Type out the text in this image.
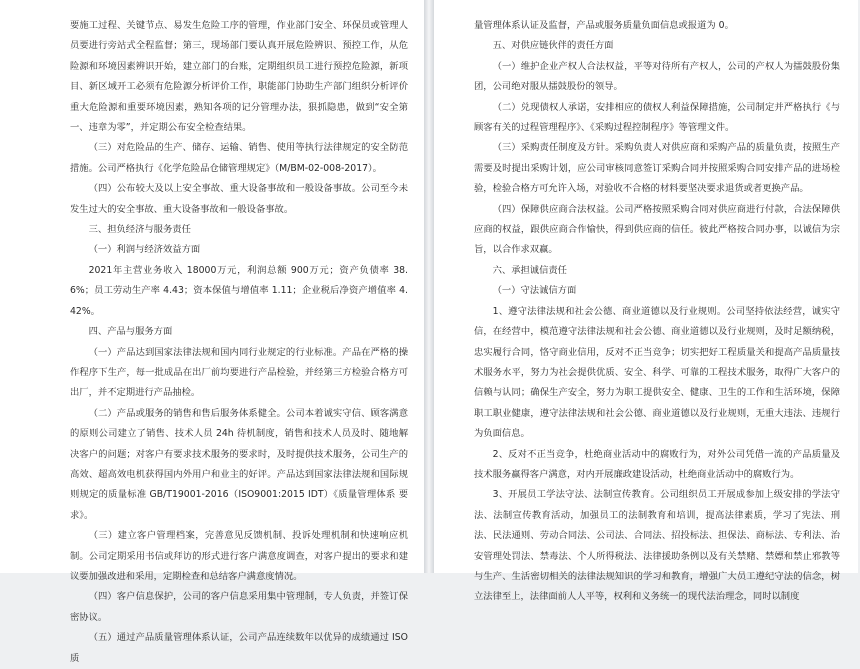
要施工过程、关键节点、易发生危险工序的管理，作业部门安全、环保员或管理人员要进行旁站式全程监督；第三，现场部门要认真开展危险辨识、预控工作，从危险源和环境因素辨识开始，建立部门的台账，定期组织员工进行预控危险源，新项目、新区域开工必须有危险源分析评价工作，职能部门协助生产部门组织分析评价重大危险源和重要环境因素，熟知各项的记分管理办法，狠抓隐患，做到“安全第一、违章为零”，并定期公布安全检查结果。

（三）对危险品的生产、储存、运输、销售、使用等执行法律规定的安全防范措施。公司严格执行《化学危险品仓储管理规定》（M/BM-02-008-2017）。

（四）公布较大及以上安全事故、重大设备事故和一般设备事故。公司至今未发生过大的安全事故、重大设备事故和一般设备事故。

三、担负经济与服务责任

（一）利润与经济效益方面

2021年主营业务收入 18000万元，利润总额 900万元；资产负债率 38.6%；员工劳动生产率 4.43；资本保值与增值率 1.11；企业税后净资产增值率 4.42%。

四、产品与服务方面

（一）产品达到国家法律法规和国内同行业规定的行业标准。产品在严格的操作程序下生产，每一批成品在出厂前均要进行产品检验，并经第三方检验合格方可出厂，并不定期进行产品抽检。

（二）产品或服务的销售和售后服务体系健全。公司本着诚实守信、顾客满意的原则公司建立了销售、技术人员 24h 待机制度，销售和技术人员及时、随地解决客户的问题；对客户有要求技术服务的要求时，及时提供技术服务，公司生产的高效、超高效电机获得国内外用户和业主的好评。产品达到国家法律法规和国际规则规定的质量标准 GB/T19001-2016（ISO9001:2015 IDT）《质量管理体系 要求》。

（三）建立客户管理档案，完善意见反馈机制、投诉处理机制和快速响应机制。公司定期采用书信或拜访的形式进行客户满意度调查，对客户提出的要求和建议要加强改进和采用，定期检查和总结客户满意度情况。

（四）客户信息保护，公司的客户信息采用集中管理制，专人负责，并签订保密协议。

（五）通过产品质量管理体系认证，公司产品连续数年以优异的成绩通过 ISO 质

量管理体系认证及监督，产品或服务质量负面信息或报道为 0。

五、对供应链伙伴的责任方面

（一）维护企业产权人合法权益，平等对待所有产权人，公司的产权人为擂鼓股份集团，公司绝对服从擂鼓股份的领导。

（二）兑现债权人承诺，安排相应的债权人利益保障措施，公司制定并严格执行《与顾客有关的过程管理程序》、《采购过程控制程序》等管理文件。

（三）采购责任制度及方针。采购负责人对供应商和采购产品的质量负责，按照生产需要及时提出采购计划，应公司审核同意签订采购合同并按照采购合同安排产品的进场检验，检验合格方可允许入场，对验收不合格的材料要坚决要求退货或者更换产品。

（四）保障供应商合法权益。公司严格按照采购合同对供应商进行付款，合法保障供应商的权益，跟供应商合作愉快，得到供应商的信任。彼此严格按合同办事，以诚信为宗旨，以合作求双赢。

六、承担诚信责任

（一）守法诚信方面

1、遵守法律法规和社会公德、商业道德以及行业规则。公司坚持依法经营，诚实守信，在经营中，模范遵守法律法规和社会公德、商业道德以及行业规则，及时足额纳税，忠实履行合同，恪守商业信用，反对不正当竞争；切实把好工程质量关和提高产品质量技术服务水平，努力为社会提供优质、安全、科学、可靠的工程技术服务，取得广大客户的信赖与认同；确保生产安全，努力为职工提供安全、健康、卫生的工作和生活环境，保障职工职业健康，遵守法律法规和社会公德、商业道德以及行业规则，无重大违法、违规行为负面信息。

2、反对不正当竞争，杜绝商业活动中的腐败行为，对外公司凭借一流的产品质量及技术服务赢得客户满意，对内开展廉政建设活动，杜绝商业活动中的腐败行为。

3、开展员工学法守法、法制宣传教育。公司组织员工开展成参加上级安排的学法守法、法制宣传教育活动，加强员工的法制教育和培训，提高法律素质，学习了宪法、刑法、民法通则、劳动合同法、公司法、合同法、招投标法、担保法、商标法、专利法、治安管理处罚法、禁毒法、个人所得税法、法律援助条例以及有关禁赌、禁嫖和禁止邪教等与生产、生活密切相关的法律法规知识的学习和教育，增强广大员工遵纪守法的信念，树立法律至上，法律面前人人平等，权利和义务统一的现代法治理念，同时以制度
